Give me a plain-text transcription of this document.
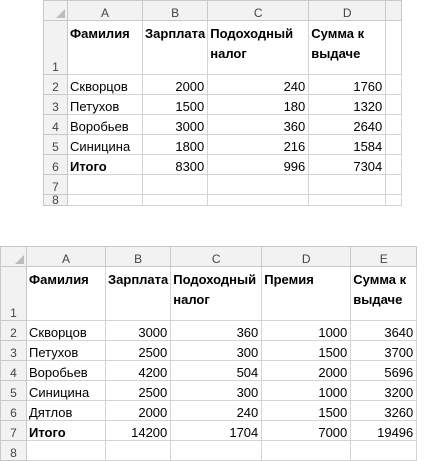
	A	B	C	D	
1	Фамилия	Зарплата	Подоходный налог	Сумма к выдаче	
2	Скворцов	2000	240	1760	
3	Петухов	1500	180	1320	
4	Воробьев	3000	360	2640	
5	Синицина	1800	216	1584	
6	Итого	8300	996	7304	
7					
8					
	A	B	C	D	E
1	Фамилия	Зарплата	Подоходный налог	Премия	Сумма к выдаче
2	Скворцов	3000	360	1000	3640
3	Петухов	2500	300	1500	3700
4	Воробьев	4200	504	2000	5696
5	Синицина	2500	300	1000	3200
6	Дятлов	2000	240	1500	3260
7	Итого	14200	1704	7000	19496
8					
